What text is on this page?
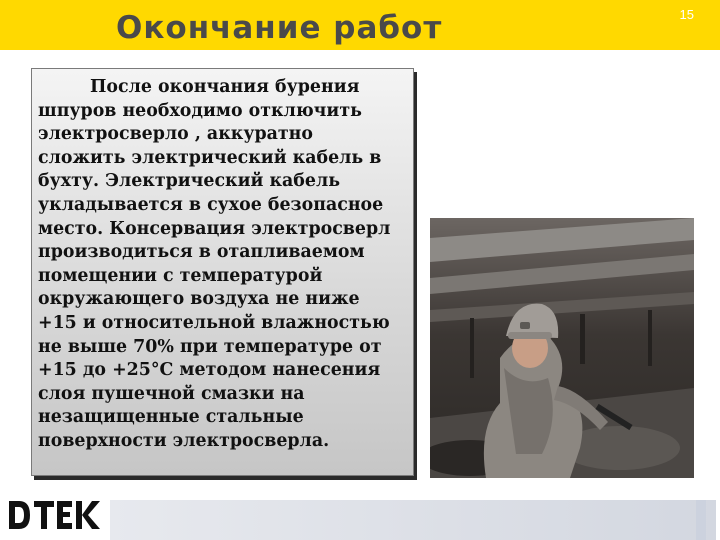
Окончание работ	15

После окончания бурения
шпуров необходимо отключить
электросверло , аккуратно
сложить электрический кабель в
бухту. Электрический кабель
укладывается в сухое безопасное
место. Консервация электросверл
производиться в отапливаемом
помещении с температурой
окружающего воздуха не ниже
+15 и относительной влажностью
не выше 70% при температуре от
+15 до +25°С методом нанесения
слоя пушечной смазки на
незащищенные стальные
поверхности электросверла.
